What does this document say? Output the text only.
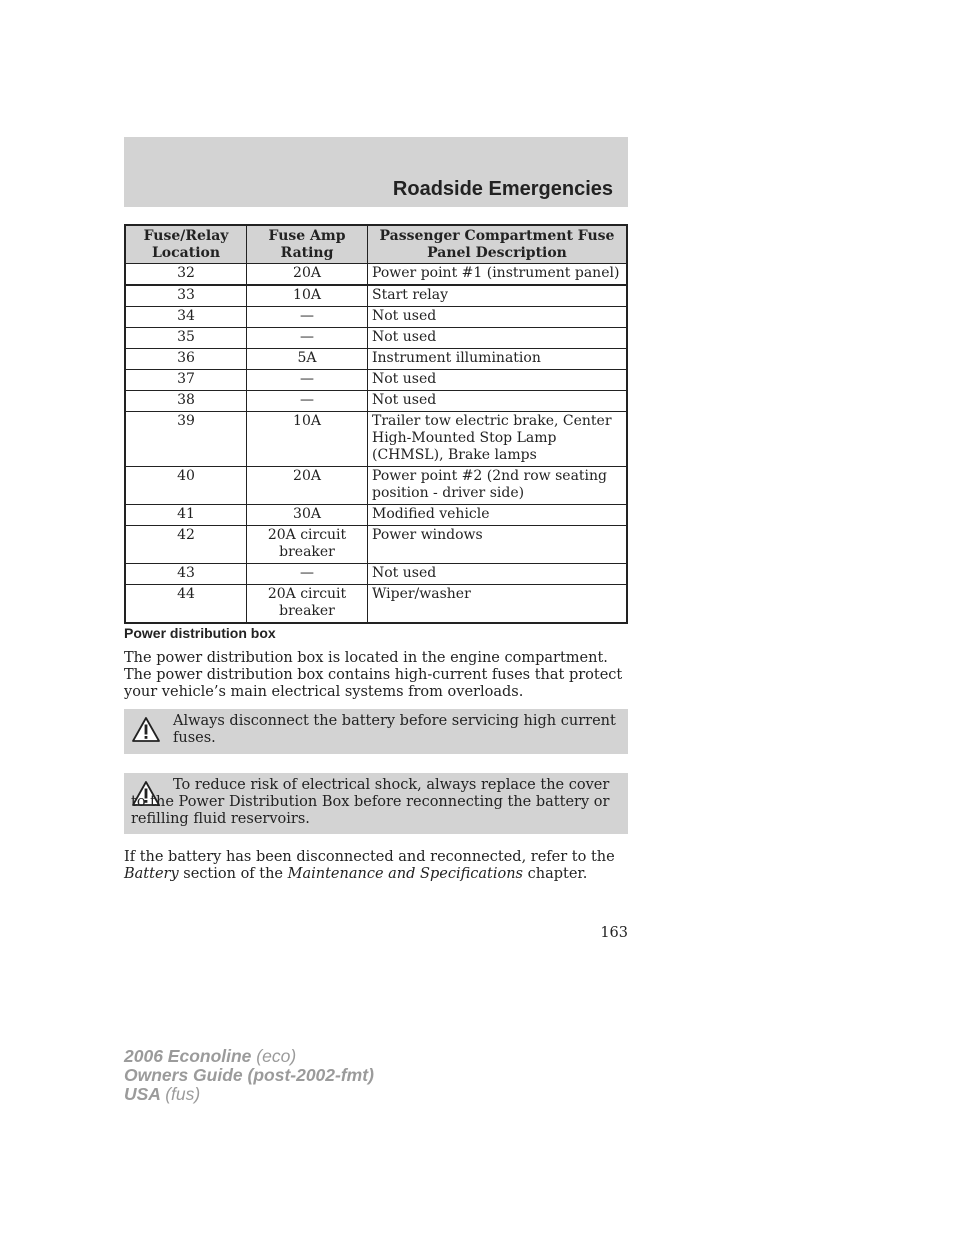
Roadside Emergencies
Fuse/Relay Location	Fuse Amp Rating	Passenger Compartment Fuse Panel Description
32	20A	Power point #1 (instrument panel)
33	10A	Start relay
34	—	Not used
35	—	Not used
36	5A	Instrument illumination
37	—	Not used
38	—	Not used
39	10A	Trailer tow electric brake, Center High-Mounted Stop Lamp (CHMSL), Brake lamps
40	20A	Power point #2 (2nd row seating position - driver side)
41	30A	Modified vehicle
42	20A circuit breaker	Power windows
43	—	Not used
44	20A circuit breaker	Wiper/washer
Power distribution box

The power distribution box is located in the engine compartment. The power distribution box contains high-current fuses that protect your vehicle’s main electrical systems from overloads.

Always disconnect the battery before servicing high current fuses.

To reduce risk of electrical shock, always replace the cover to the Power Distribution Box before reconnecting the battery or refilling fluid reservoirs.

If the battery has been disconnected and reconnected, refer to the
Battery section of the Maintenance and Specifications chapter.

163

2006 Econoline (eco)
Owners Guide (post-2002-fmt)
USA (fus)
